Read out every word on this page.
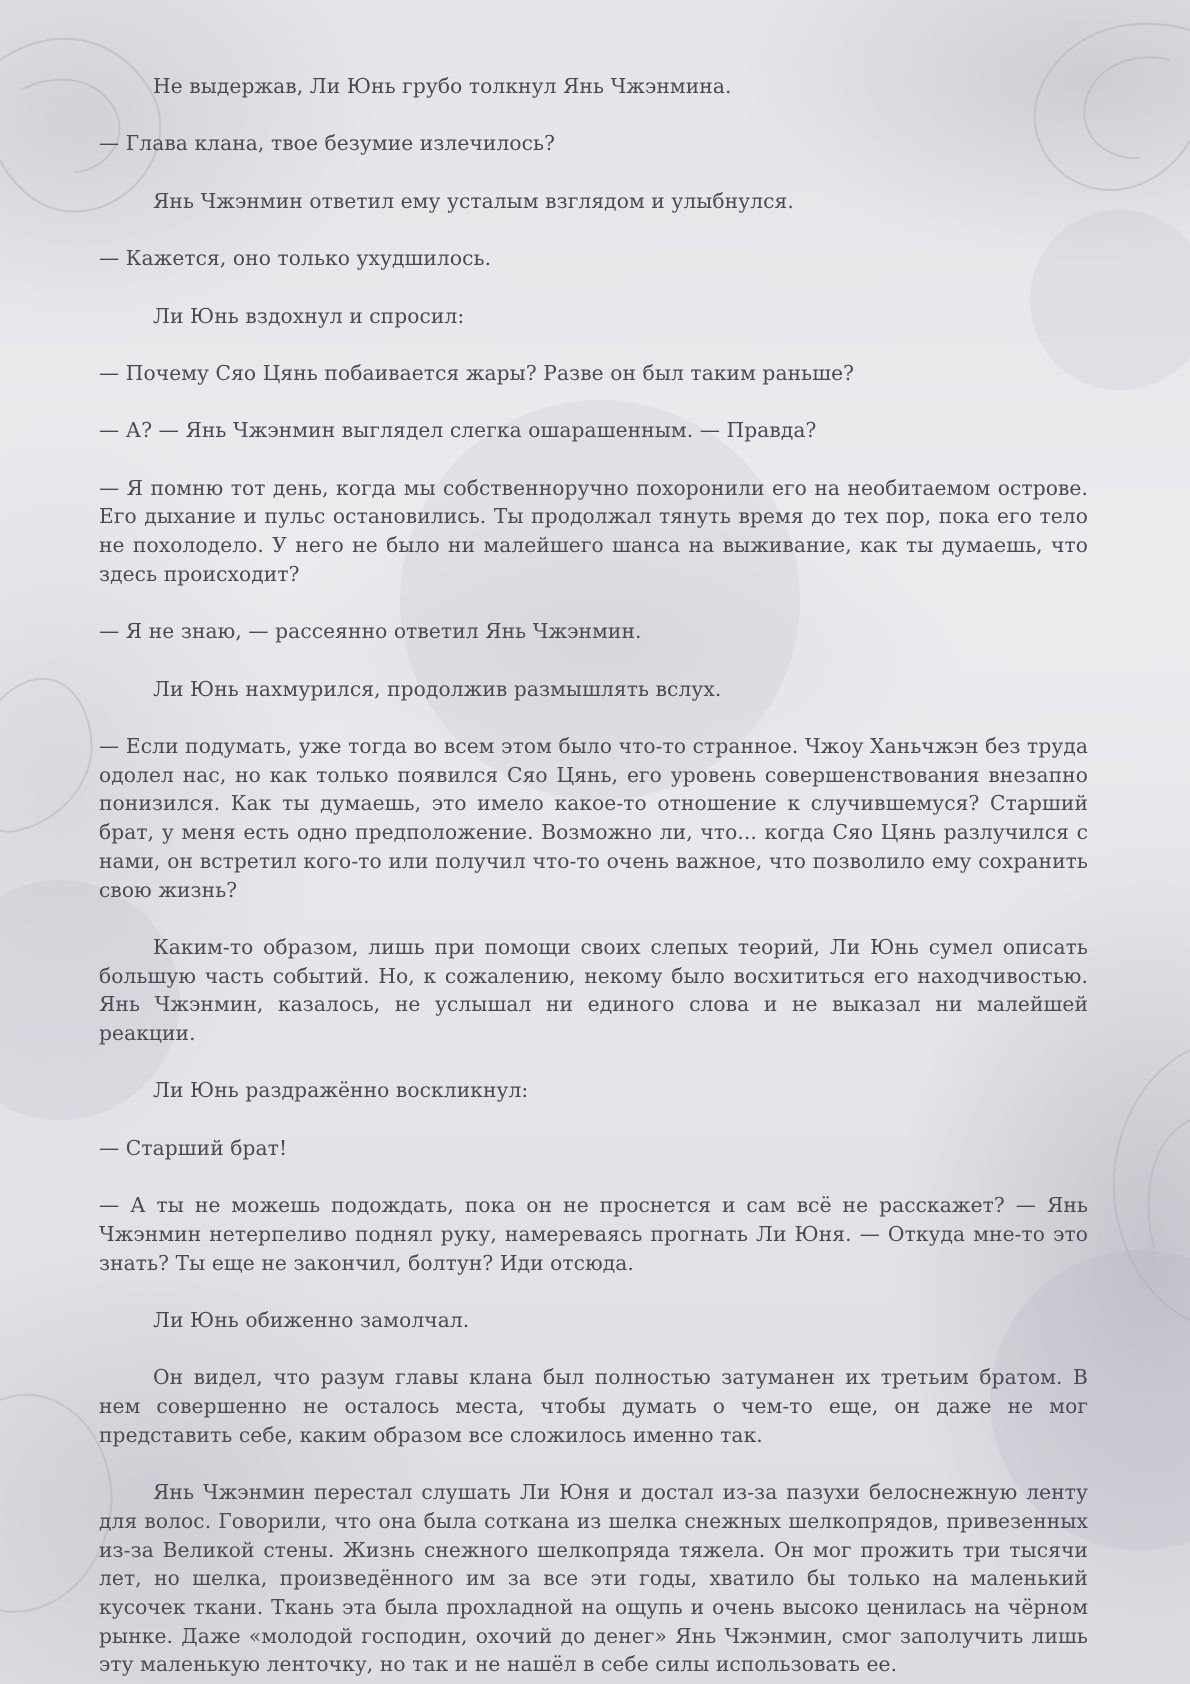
Не выдержав, Ли Юнь грубо толкнул Янь Чжэнмина.

— Глава клана, твое безумие излечилось?

Янь Чжэнмин ответил ему усталым взглядом и улыбнулся.

— Кажется, оно только ухудшилось.

Ли Юнь вздохнул и спросил:

— Почему Сяо Цянь побаивается жары? Разве он был таким раньше?

— А? — Янь Чжэнмин выглядел слегка ошарашенным. — Правда?

— Я помню тот день, когда мы собственноручно похоронили его на необитаемом острове. Его дыхание и пульс остановились. Ты продолжал тянуть время до тех пор, пока его тело не похолодело. У него не было ни малейшего шанса на выживание, как ты думаешь, что здесь происходит?

— Я не знаю, — рассеянно ответил Янь Чжэнмин.

Ли Юнь нахмурился, продолжив размышлять вслух.

— Если подумать, уже тогда во всем этом было что-то странное. Чжоу Ханьчжэн без труда одолел нас, но как только появился Сяо Цянь, его уровень совершенствования внезапно понизился. Как ты думаешь, это имело какое-то отношение к случившемуся? Старший брат, у меня есть одно предположение. Возможно ли, что... когда Сяо Цянь разлучился с нами, он встретил кого-то или получил что-то очень важное, что позволило ему сохранить свою жизнь?

Каким-то образом, лишь при помощи своих слепых теорий, Ли Юнь сумел описать большую часть событий. Но, к сожалению, некому было восхититься его находчивостью. Янь Чжэнмин, казалось, не услышал ни единого слова и не выказал ни малейшей реакции.

Ли Юнь раздражённо воскликнул:

— Старший брат!

— А ты не можешь подождать, пока он не проснется и сам всё не расскажет? — Янь Чжэнмин нетерпеливо поднял руку, намереваясь прогнать Ли Юня. — Откуда мне-то это знать? Ты еще не закончил, болтун? Иди отсюда.

Ли Юнь обиженно замолчал.

Он видел, что разум главы клана был полностью затуманен их третьим братом. В нем совершенно не осталось места, чтобы думать о чем-то еще, он даже не мог представить себе, каким образом все сложилось именно так.

Янь Чжэнмин перестал слушать Ли Юня и достал из-за пазухи белоснежную ленту для волос. Говорили, что она была соткана из шелка снежных шелкопрядов, привезенных из-за Великой стены. Жизнь снежного шелкопряда тяжела. Он мог прожить три тысячи лет, но шелка, произведённого им за все эти годы, хватило бы только на маленький кусочек ткани. Ткань эта была прохладной на ощупь и очень высоко ценилась на чёрном рынке. Даже «молодой господин, охочий до денег» Янь Чжэнмин, смог заполучить лишь эту маленькую ленточку, но так и не нашёл в себе силы использовать ее.
